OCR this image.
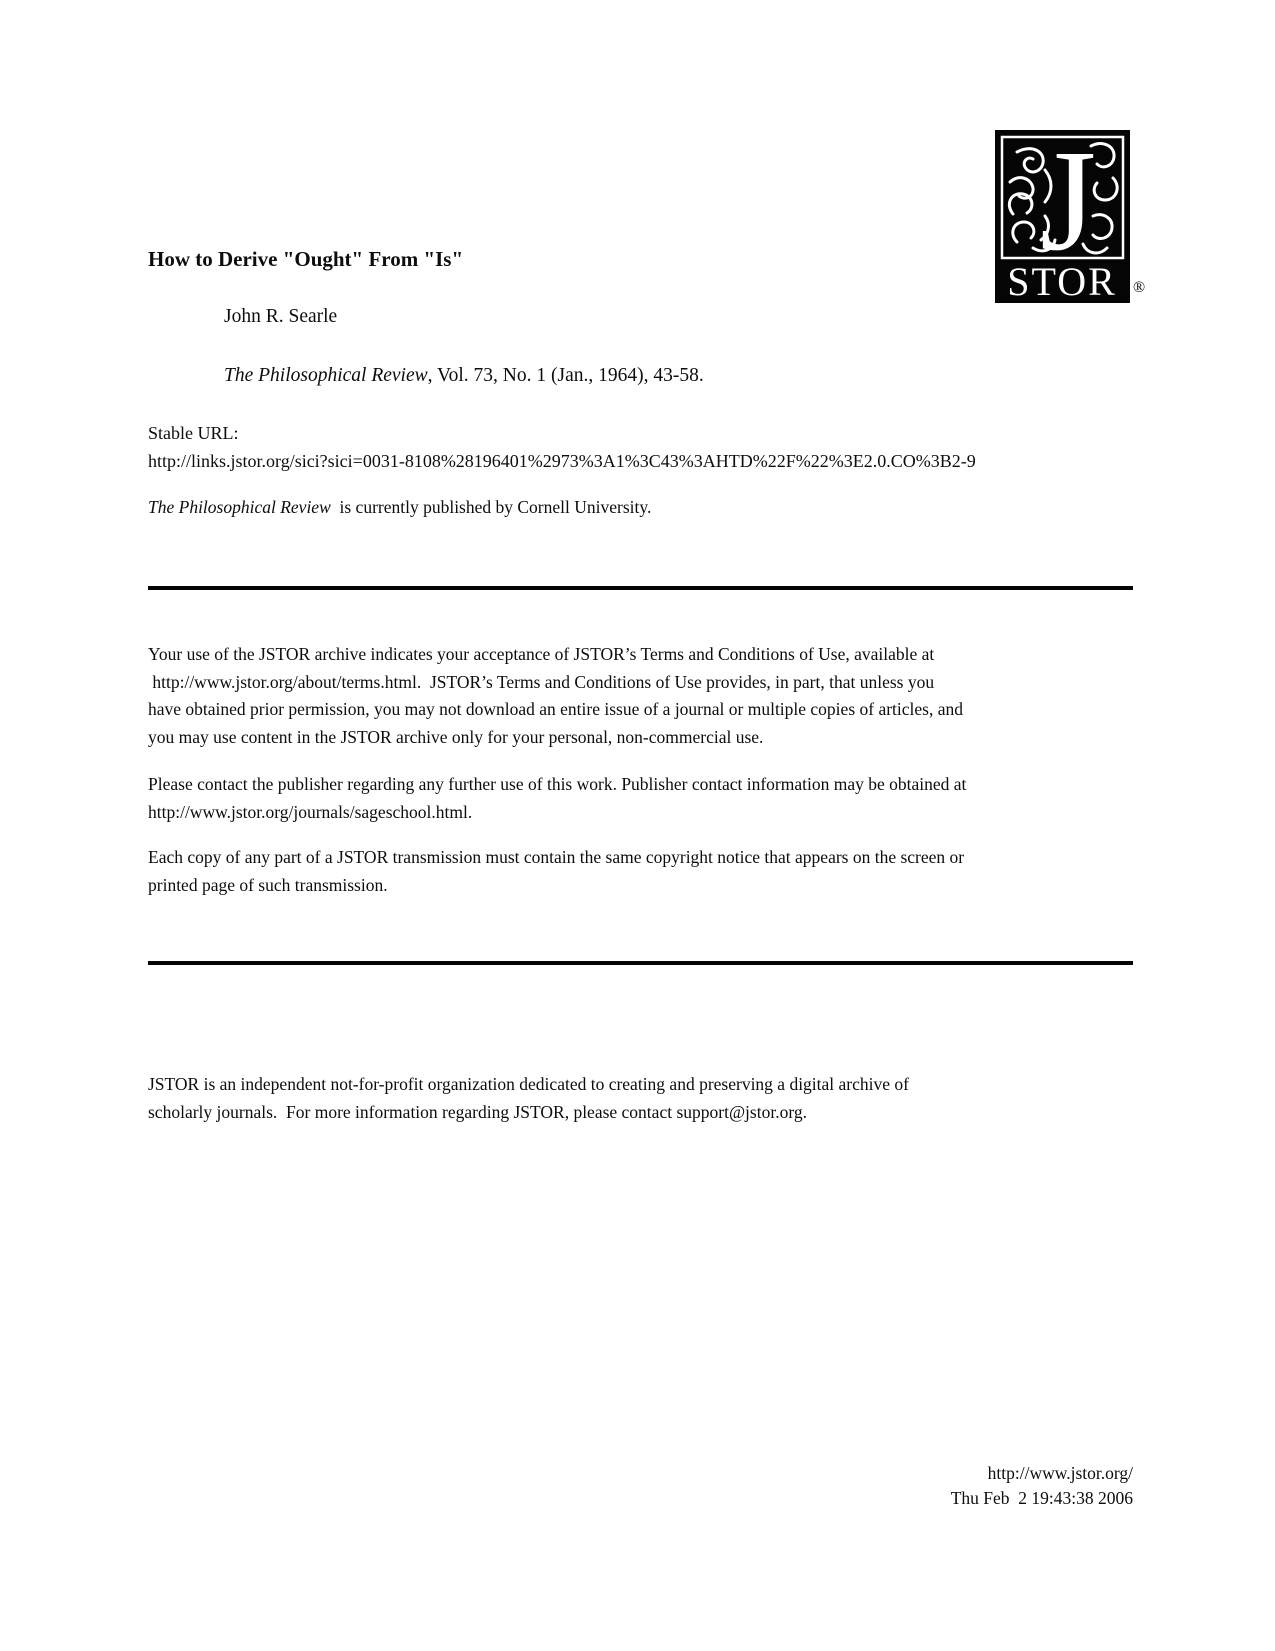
J
STOR ®
How to Derive "Ought" From "Is"
John R. Searle
The Philosophical Review, Vol. 73, No. 1 (Jan., 1964), 43-58.
Stable URL:
http://links.jstor.org/sici?sici=0031-8108%28196401%2973%3A1%3C43%3AHTD%22F%22%3E2.0.CO%3B2-9
The Philosophical Review  is currently published by Cornell University.
Your use of the JSTOR archive indicates your acceptance of JSTOR’s Terms and Conditions of Use, available at
http://www.jstor.org/about/terms.html.  JSTOR’s Terms and Conditions of Use provides, in part, that unless you
have obtained prior permission, you may not download an entire issue of a journal or multiple copies of articles, and
you may use content in the JSTOR archive only for your personal, non-commercial use.
Please contact the publisher regarding any further use of this work. Publisher contact information may be obtained at
http://www.jstor.org/journals/sageschool.html.
Each copy of any part of a JSTOR transmission must contain the same copyright notice that appears on the screen or
printed page of such transmission.
JSTOR is an independent not-for-profit organization dedicated to creating and preserving a digital archive of
scholarly journals.  For more information regarding JSTOR, please contact support@jstor.org.
http://www.jstor.org/
Thu Feb  2 19:43:38 2006
